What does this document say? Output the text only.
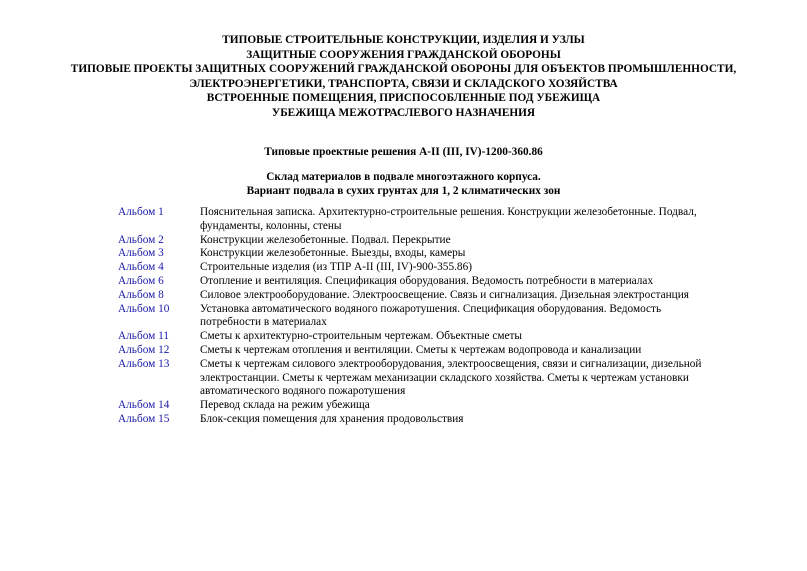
ТИПОВЫЕ СТРОИТЕЛЬНЫЕ КОНСТРУКЦИИ, ИЗДЕЛИЯ И УЗЛЫ
ЗАЩИТНЫЕ СООРУЖЕНИЯ ГРАЖДАНСКОЙ ОБОРОНЫ
ТИПОВЫЕ ПРОЕКТЫ ЗАЩИТНЫХ СООРУЖЕНИЙ ГРАЖДАНСКОЙ ОБОРОНЫ ДЛЯ ОБЪЕКТОВ ПРОМЫШЛЕННОСТИ,
ЭЛЕКТРОЭНЕРГЕТИКИ, ТРАНСПОРТА, СВЯЗИ И СКЛАДСКОГО ХОЗЯЙСТВА
ВСТРОЕННЫЕ ПОМЕЩЕНИЯ, ПРИСПОСОБЛЕННЫЕ ПОД УБЕЖИЩА
УБЕЖИЩА МЕЖОТРАСЛЕВОГО НАЗНАЧЕНИЯ
Типовые проектные решения А-II (III, IV)-1200-360.86
Склад материалов в подвале многоэтажного корпуса.
Вариант подвала в сухих грунтах для 1, 2 климатических зон
Альбом 1	Пояснительная записка. Архитектурно-строительные решения. Конструкции железобетонные. Подвал, фундаменты, колонны, стены
Альбом 2	Конструкции железобетонные. Подвал. Перекрытие
Альбом 3	Конструкции железобетонные. Выезды, входы, камеры
Альбом 4	Строительные изделия (из ТПР А-II (III, IV)-900-355.86)
Альбом 6	Отопление и вентиляция. Спецификация оборудования. Ведомость потребности в материалах
Альбом 8	Силовое электрооборудование. Электроосвещение. Связь и сигнализация. Дизельная электростанция
Альбом 10	Установка автоматического водяного пожаротушения. Спецификация оборудования. Ведомость потребности в материалах
Альбом 11	Сметы к архитектурно-строительным чертежам. Объектные сметы
Альбом 12	Сметы к чертежам отопления и вентиляции. Сметы к чертежам водопровода и канализации
Альбом 13	Сметы к чертежам силового электрооборудования, электроосвещения, связи и сигнализации, дизельной электростанции. Сметы к чертежам механизации складского хозяйства. Сметы к чертежам установки автоматического водяного пожаротушения
Альбом 14	Перевод склада на режим убежища
Альбом 15	Блок-секция помещения для хранения продовольствия
